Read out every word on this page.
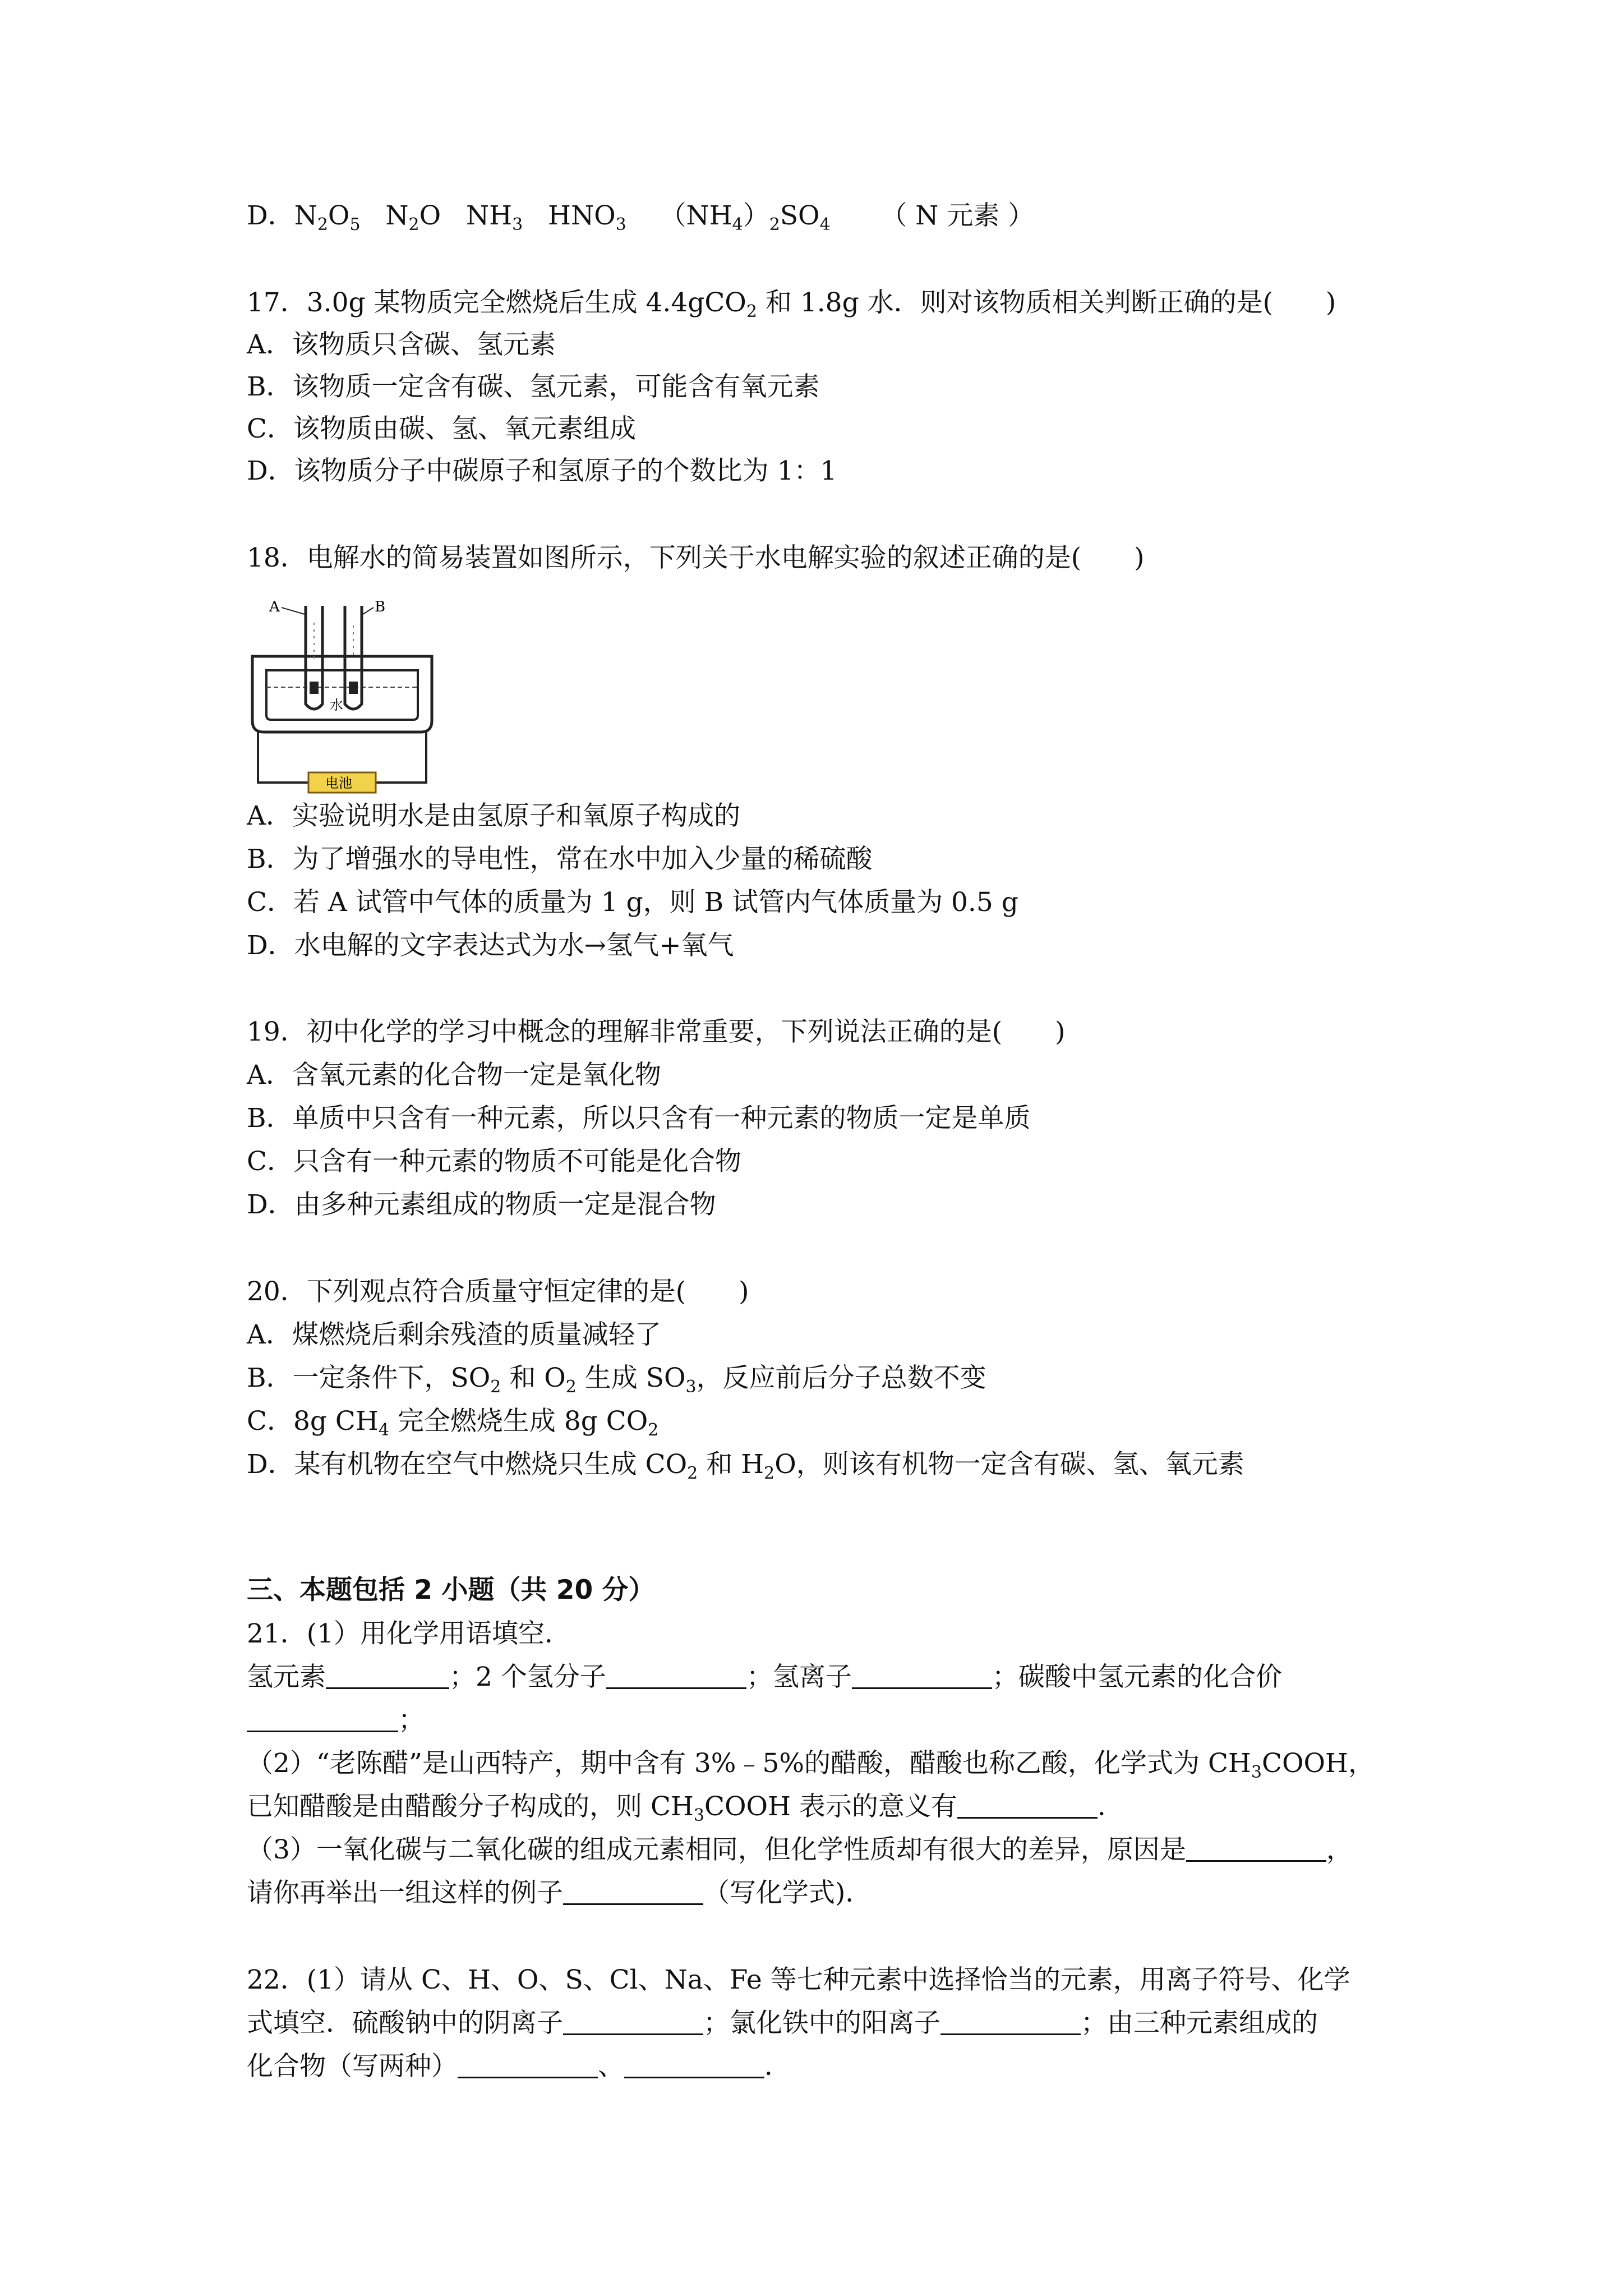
D．$N_2O_5$ $N_2O$ $NH_3$ $HNO_3$ $(NH_4)_2SO_4$ （ N 元素 ）
17．3.0g 某物质完全燃烧后生成 4.4gCO$_2$ 和 1.8g 水．则对该物质相关判断正确的是(　　)
A．该物质只含碳、氢元素
B．该物质一定含有碳、氢元素，可能含有氧元素
C．该物质由碳、氢、氧元素组成
D．该物质分子中碳原子和氢原子的个数比为 1：1
18．电解水的简易装置如图所示，下列关于水电解实验的叙述正确的是(　　)
A	B
水
电池
A．实验说明水是由氢原子和氧原子构成的
B．为了增强水的导电性，常在水中加入少量的稀硫酸
C．若 A 试管中气体的质量为 1 g，则 B 试管内气体质量为 0.5 g
D．水电解的文字表达式为水→氢气+氧气
19．初中化学的学习中概念的理解非常重要，下列说法正确的是(　　)
A．含氧元素的化合物一定是氧化物
B．单质中只含有一种元素，所以只含有一种元素的物质一定是单质
C．只含有一种元素的物质不可能是化合物
D．由多种元素组成的物质一定是混合物
20．下列观点符合质量守恒定律的是(　　)
A．煤燃烧后剩余残渣的质量减轻了
B．一定条件下，$SO_2$ 和 $O_2$ 生成 $SO_3$，反应前后分子总数不变
C．8g $CH_4$ 完全燃烧生成 8g $CO_2$
D．某有机物在空气中燃烧只生成 $CO_2$ 和 $H_2O$，则该有机物一定含有碳、氢、氧元素
三、本题包括 2 小题（共 20 分）
21．(1）用化学用语填空．
氢元素	；2 个氢分子	；氢离子	；碳酸中氢元素的化合价
；
（2）“老陈醋”是山西特产，期中含有 3%﹣5%的醋酸，醋酸也称乙酸，化学式为 $CH_3COOH$，
已知醋酸是由醋酸分子构成的，则 $CH_3COOH$ 表示的意义有	．
（3）一氧化碳与二氧化碳的组成元素相同，但化学性质却有很大的差异，原因是	，
请你再举出一组这样的例子	（写化学式)．
22．(1）请从 C、H、O、S、Cl、Na、Fe 等七种元素中选择恰当的元素，用离子符号、化学
式填空．硫酸钠中的阴离子	；氯化铁中的阳离子	；由三种元素组成的
化合物（写两种）	、	．
